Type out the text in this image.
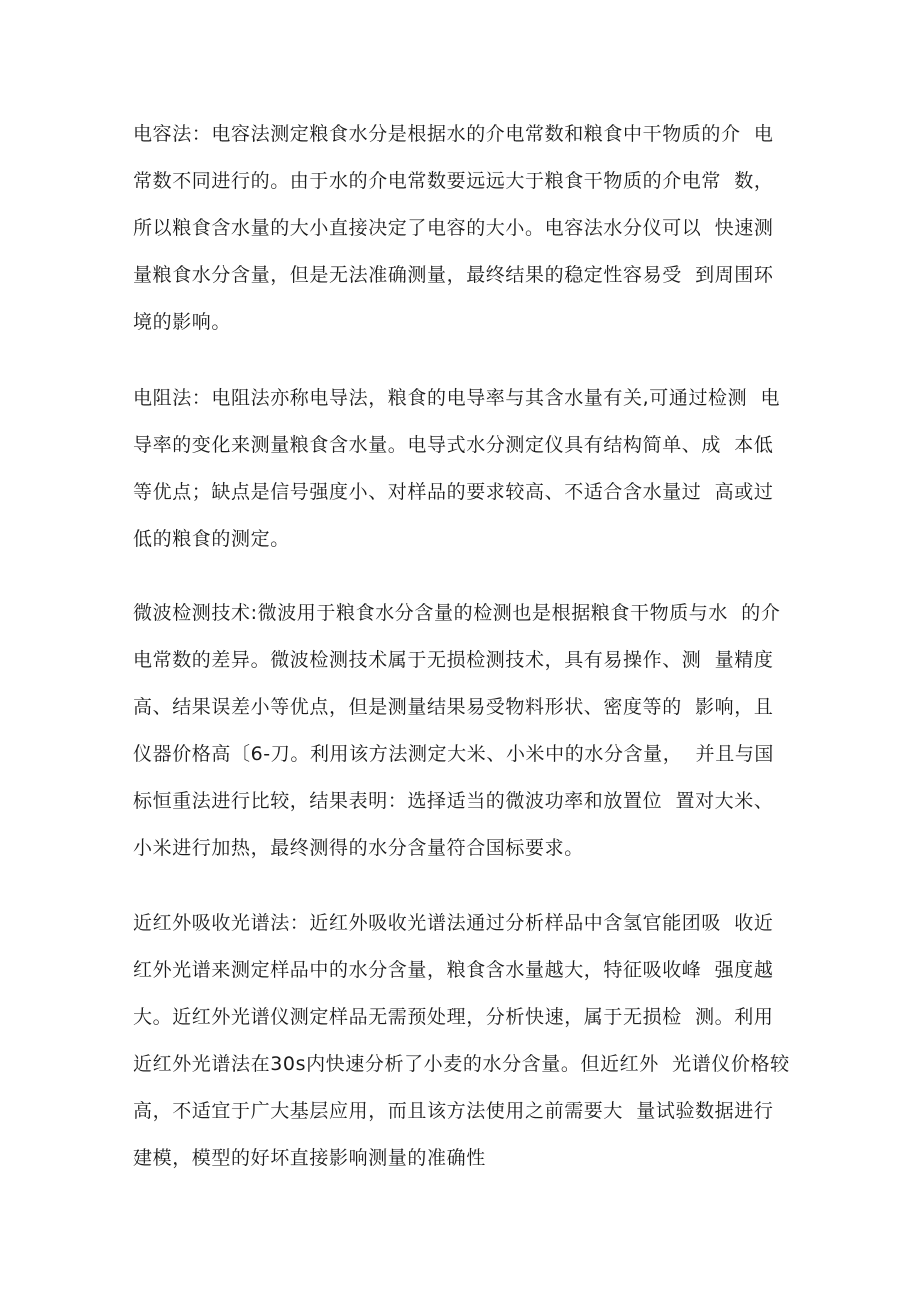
电容法：电容法测定粮食水分是根据水的介电常数和粮食中干物质的介  电
常数不同进行的。由于水的介电常数要远远大于粮食干物质的介电常  数，
所以粮食含水量的大小直接决定了电容的大小。电容法水分仪可以  快速测
量粮食水分含量，但是无法准确测量，最终结果的稳定性容易受  到周围环
境的影响。
电阻法：电阻法亦称电导法，粮食的电导率与其含水量有关,可通过检测  电
导率的变化来测量粮食含水量。电导式水分测定仪具有结构简单、成  本低
等优点；缺点是信号强度小、对样品的要求较高、不适合含水量过  高或过
低的粮食的测定。
微波检测技术:微波用于粮食水分含量的检测也是根据粮食干物质与水  的介
电常数的差异。微波检测技术属于无损检测技术，具有易操作、测  量精度
高、结果误差小等优点，但是测量结果易受物料形状、密度等的  影响，且
仪器价格高〔6-刀。利用该方法测定大米、小米中的水分含量，  并且与国
标恒重法进行比较，结果表明：选择适当的微波功率和放置位  置对大米、
小米进行加热，最终测得的水分含量符合国标要求。
近红外吸收光谱法：近红外吸收光谱法通过分析样品中含氢官能团吸  收近
红外光谱来测定样品中的水分含量，粮食含水量越大，特征吸收峰  强度越
大。近红外光谱仪测定样品无需预处理，分析快速，属于无损检  测。利用
近红外光谱法在30s内快速分析了小麦的水分含量。但近红外  光谱仪价格较
高，不适宜于广大基层应用，而且该方法使用之前需要大  量试验数据进行
建模，模型的好坏直接影响测量的准确性
